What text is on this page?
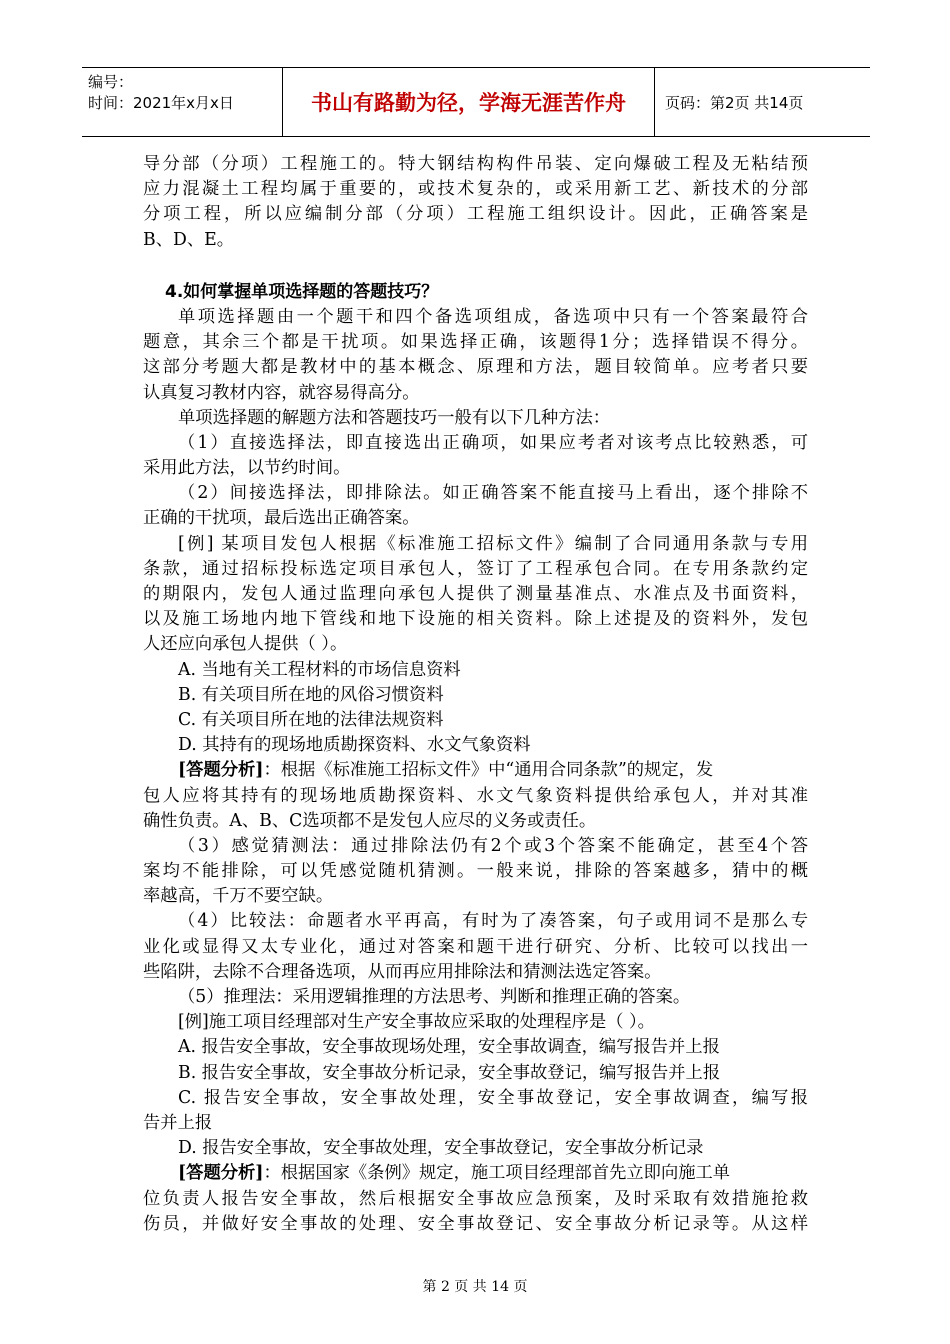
编号：
时间：2021年x月x日	书山有路勤为径，学海无涯苦作舟	页码：第2页 共14页
导分部（分项）工程施工的。特大钢结构构件吊装、定向爆破工程及无粘结预
应力混凝土工程均属于重要的，或技术复杂的，或采用新工艺、新技术的分部
分项工程，所以应编制分部（分项）工程施工组织设计。因此，正确答案是
B、D、E。
4.如何掌握单项选择题的答题技巧？
单项选择题由一个题干和四个备选项组成，备选项中只有一个答案最符合
题意，其余三个都是干扰项。如果选择正确，该题得1分；选择错误不得分。
这部分考题大都是教材中的基本概念、原理和方法，题目较简单。应考者只要
认真复习教材内容，就容易得高分。
单项选择题的解题方法和答题技巧一般有以下几种方法：
（1）直接选择法，即直接选出正确项，如果应考者对该考点比较熟悉，可
采用此方法，以节约时间。
（2）间接选择法，即排除法。如正确答案不能直接马上看出，逐个排除不
正确的干扰项，最后选出正确答案。
[例] 某项目发包人根据《标准施工招标文件》编制了合同通用条款与专用
条款，通过招标投标选定项目承包人，签订了工程承包合同。在专用条款约定
的期限内，发包人通过监理向承包人提供了测量基准点、水准点及书面资料，
以及施工场地内地下管线和地下设施的相关资料。除上述提及的资料外，发包
人还应向承包人提供（ ）。
A. 当地有关工程材料的市场信息资料
B. 有关项目所在地的风俗习惯资料
C. 有关项目所在地的法律法规资料
D. 其持有的现场地质勘探资料、水文气象资料
[答题分析]：根据《标准施工招标文件》中“通用合同条款”的规定，发
包人应将其持有的现场地质勘探资料、水文气象资料提供给承包人，并对其准
确性负责。A、B、C选项都不是发包人应尽的义务或责任。
（3）感觉猜测法：通过排除法仍有2个或3个答案不能确定，甚至4个答
案均不能排除，可以凭感觉随机猜测。一般来说，排除的答案越多，猜中的概
率越高，千万不要空缺。
（4）比较法：命题者水平再高，有时为了凑答案，句子或用词不是那么专
业化或显得又太专业化，通过对答案和题干进行研究、分析、比较可以找出一
些陷阱，去除不合理备选项，从而再应用排除法和猜测法选定答案。
（5）推理法：采用逻辑推理的方法思考、判断和推理正确的答案。
[例]施工项目经理部对生产安全事故应采取的处理程序是（ ）。
A. 报告安全事故，安全事故现场处理，安全事故调查，编写报告并上报
B. 报告安全事故，安全事故分析记录，安全事故登记，编写报告并上报
C. 报告安全事故，安全事故处理，安全事故登记，安全事故调查，编写报
告并上报
D. 报告安全事故，安全事故处理，安全事故登记，安全事故分析记录
[答题分析]：根据国家《条例》规定，施工项目经理部首先立即向施工单
位负责人报告安全事故，然后根据安全事故应急预案，及时采取有效措施抢救
伤员，并做好安全事故的处理、安全事故登记、安全事故分析记录等。从这样
第 2 页 共 14 页
